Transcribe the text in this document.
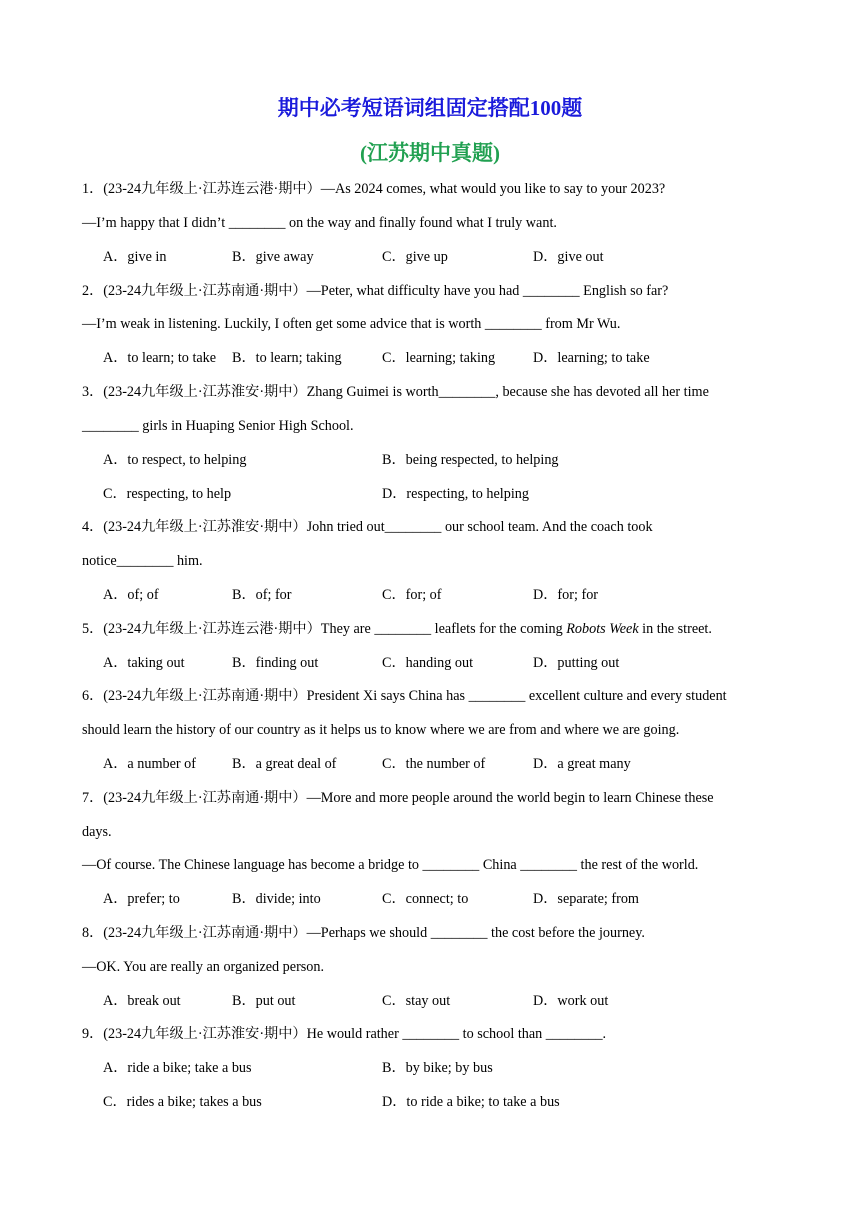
期中必考短语词组固定搭配100题
(江苏期中真题)
1．(23-24九年级上·江苏连云港·期中）—As 2024 comes, what would you like to say to your 2023?
—I’m happy that I didn’t ________ on the way and finally found what I truly want.
A．give in	B．give away	C．give up	D．give out
2．(23-24九年级上·江苏南通·期中）—Peter, what difficulty have you had ________ English so far?
—I’m weak in listening. Luckily, I often get some advice that is worth ________ from Mr Wu.
A．to learn; to take B．to learn; taking	C．learning; taking	D．learning; to take
3．(23-24九年级上·江苏淮安·期中）Zhang Guimei is worth________, because she has devoted all her time
________ girls in Huaping Senior High School.
A．to respect, to helping	B．being respected, to helping
C．respecting, to help	D．respecting, to helping
4．(23-24九年级上·江苏淮安·期中）John tried out________ our school team. And the coach took
notice________ him.
A．of; of	B．of; for	C．for; of	D．for; for
5．(23-24九年级上·江苏连云港·期中）They are ________ leaflets for the coming Robots Week in the street.
A．taking out	B．finding out	C．handing out	D．putting out
6．(23-24九年级上·江苏南通·期中）President Xi says China has ________ excellent culture and every student
should learn the history of our country as it helps us to know where we are from and where we are going.
A．a number of	B．a great deal of	C．the number of	D．a great many
7．(23-24九年级上·江苏南通·期中）—More and more people around the world begin to learn Chinese these
days.
—Of course. The Chinese language has become a bridge to ________ China ________ the rest of the world.
A．prefer; to	B．divide; into	C．connect; to	D．separate; from
8．(23-24九年级上·江苏南通·期中）—Perhaps we should ________ the cost before the journey.
—OK. You are really an organized person.
A．break out	B．put out	C．stay out	D．work out
9．(23-24九年级上·江苏淮安·期中）He would rather ________ to school than ________.
A．ride a bike; take a bus	B．by bike; by bus
C．rides a bike; takes a bus	D．to ride a bike; to take a bus
